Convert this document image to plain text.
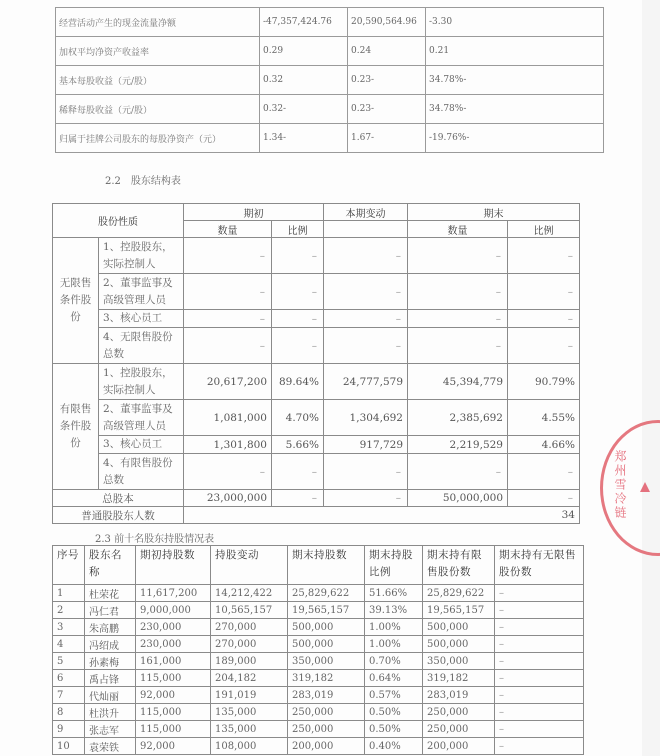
经营活动产生的现金流量净额	-47,357,424.76	20,590,564.96	-3.30
加权平均净资产收益率	0.29	0.24	0.21
基本每股收益（元/股）	0.32	0.23-	34.78%-
稀释每股收益（元/股）	0.32-	0.23-	34.78%-
归属于挂牌公司股东的每股净资产（元）	1.34-	1.67-	-19.76%-
2.2　股东结构表
股份性质		期初		本期变动	期末	
		数量	比例		数量	比例
无限售条件股份	1、控股股东，实际控制人	–	–	–	–	–
	2、董事监事及高级管理人员	–	–	–	–	–
	3、核心员工	–	–	–	–	–
	4、无限售股份总数	–	–	–	–	–
有限售条件股份	1、控股股东，实际控制人	20,617,200	89.64%	24,777,579	45,394,779	90.79%
	2、董事监事及高级管理人员	1,081,000	4.70%	1,304,692	2,385,692	4.55%
	3、核心员工	1,301,800	5.66%	917,729	2,219,529	4.66%
	4、有限售股份总数	–	–	–	–	–
总股本		23,000,000	–	–	50,000,000	–
普通股股东人数		34				
2.3 前十名股东持股情况表
序号	股东名称	期初持股数	持股变动	期末持股数	期末持股比例	期末持有限售股份数	期末持有无限售股份数
1	杜荣花	11,617,200	14,212,422	25,829,622	51.66%	25,829,622	–
2	冯仁君	9,000,000	10,565,157	19,565,157	39.13%	19,565,157	–
3	朱高鹏	230,000	270,000	500,000	1.00%	500,000	–
4	冯绍成	230,000	270,000	500,000	1.00%	500,000	–
5	孙素梅	161,000	189,000	350,000	0.70%	350,000	–
6	禹占锋	115,000	204,182	319,182	0.64%	319,182	–
7	代灿丽	92,000	191,019	283,019	0.57%	283,019	–
8	杜洪升	115,000	135,000	250,000	0.50%	250,000	–
9	张志军	115,000	135,000	250,000	0.50%	250,000	–
10	袁荣铁	92,000	108,000	200,000	0.40%	200,000	–
郑州雪冷链
